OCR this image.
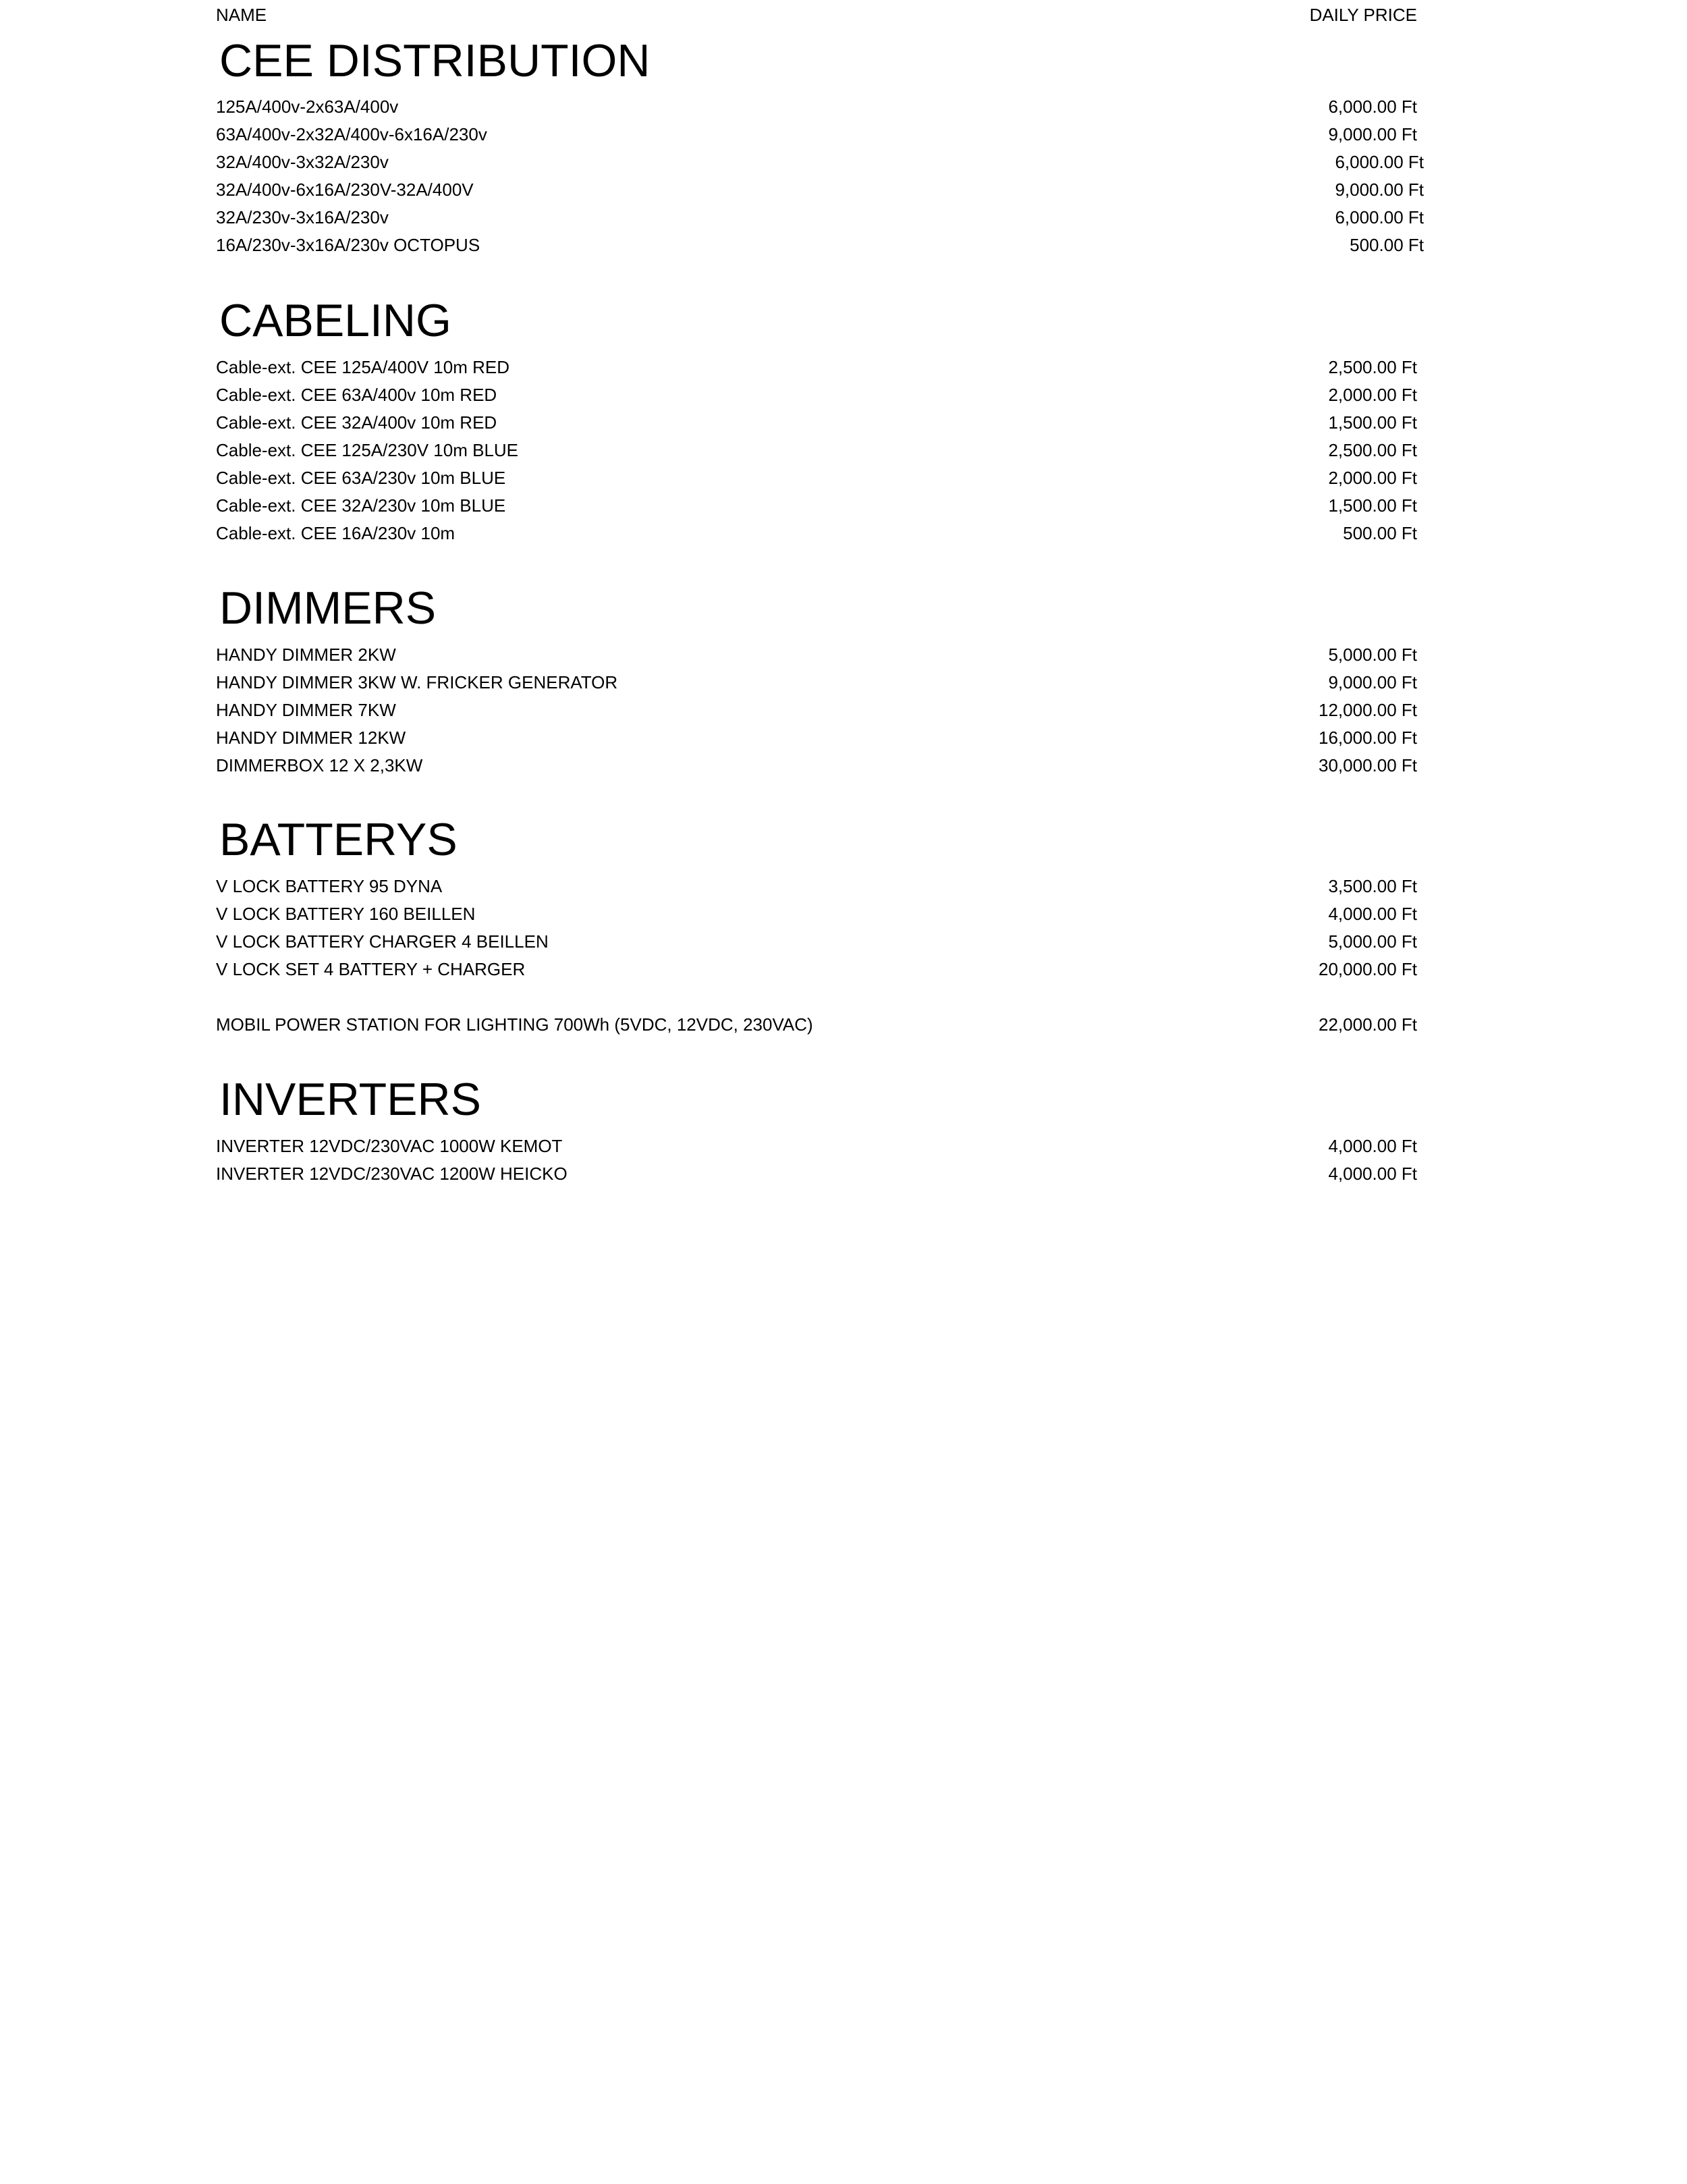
NAME	DAILY PRICE
CEE DISTRIBUTION
125A/400v-2x63A/400v	6,000.00 Ft
63A/400v-2x32A/400v-6x16A/230v	9,000.00 Ft
32A/400v-3x32A/230v	6,000.00 Ft
32A/400v-6x16A/230V-32A/400V	9,000.00 Ft
32A/230v-3x16A/230v	6,000.00 Ft
16A/230v-3x16A/230v OCTOPUS	500.00 Ft
CABELING
Cable-ext. CEE 125A/400V 10m RED	2,500.00 Ft
Cable-ext. CEE 63A/400v 10m RED	2,000.00 Ft
Cable-ext. CEE 32A/400v 10m RED	1,500.00 Ft
Cable-ext. CEE 125A/230V 10m BLUE	2,500.00 Ft
Cable-ext. CEE 63A/230v 10m BLUE	2,000.00 Ft
Cable-ext. CEE 32A/230v 10m BLUE	1,500.00 Ft
Cable-ext. CEE 16A/230v 10m	500.00 Ft
DIMMERS
HANDY DIMMER 2KW	5,000.00 Ft
HANDY DIMMER 3KW W. FRICKER GENERATOR	9,000.00 Ft
HANDY DIMMER 7KW	12,000.00 Ft
HANDY DIMMER 12KW	16,000.00 Ft
DIMMERBOX 12 X 2,3KW	30,000.00 Ft
BATTERYS
V LOCK BATTERY 95 DYNA	3,500.00 Ft
V LOCK BATTERY 160 BEILLEN	4,000.00 Ft
V LOCK BATTERY CHARGER 4 BEILLEN	5,000.00 Ft
V LOCK SET 4 BATTERY + CHARGER	20,000.00 Ft
MOBIL POWER STATION FOR LIGHTING 700Wh (5VDC, 12VDC, 230VAC)	22,000.00 Ft
INVERTERS
INVERTER 12VDC/230VAC 1000W KEMOT	4,000.00 Ft
INVERTER 12VDC/230VAC 1200W HEICKO	4,000.00 Ft
